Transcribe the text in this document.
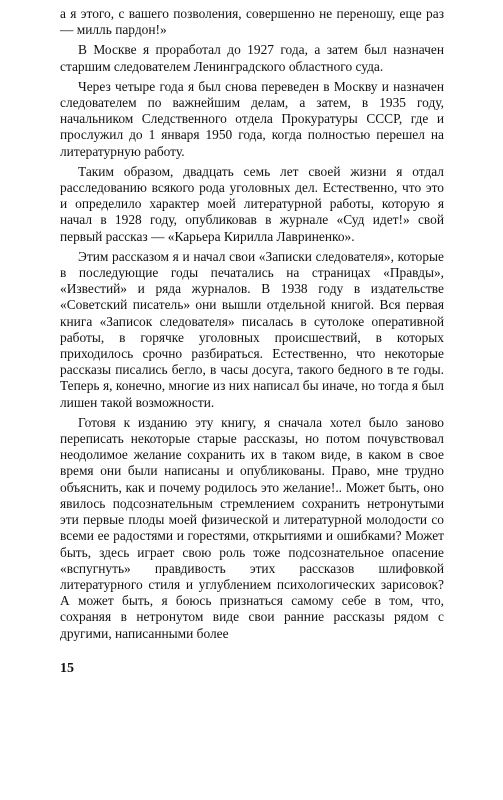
а я этого, с вашего позволения, совершенно не переношу, еще раз — милль пардон!»

В Москве я проработал до 1927 года, а затем был назначен старшим следователем Ленинградского областного суда.

Через четыре года я был снова переведен в Москву и назначен следователем по важнейшим делам, а затем, в 1935 году, начальником Следственного отдела Прокуратуры СССР, где и прослужил до 1 января 1950 года, когда полностью перешел на литературную работу.

Таким образом, двадцать семь лет своей жизни я отдал расследованию всякого рода уголовных дел. Естественно, что это и определило характер моей литературной работы, которую я начал в 1928 году, опубликовав в журнале «Суд идет!» свой первый рассказ — «Карьера Кирилла Лавриненко».

Этим рассказом я и начал свои «Записки следователя», которые в последующие годы печатались на страницах «Правды», «Известий» и ряда журналов. В 1938 году в издательстве «Советский писатель» они вышли отдельной книгой. Вся первая книга «Записок следователя» писалась в сутолоке оперативной работы, в горячке уголовных происшествий, в которых приходилось срочно разбираться. Естественно, что некоторые рассказы писались бегло, в часы досуга, такого бедного в те годы. Теперь я, конечно, многие из них написал бы иначе, но тогда я был лишен такой возможности.

Готовя к изданию эту книгу, я сначала хотел было заново переписать некоторые старые рассказы, но потом почувствовал неодолимое желание сохранить их в таком виде, в каком в свое время они были написаны и опубликованы. Право, мне трудно объяснить, как и почему родилось это желание!.. Может быть, оно явилось подсознательным стремлением сохранить нетронутыми эти первые плоды моей физической и литературной молодости со всеми ее радостями и горестями, открытиями и ошибками? Может быть, здесь играет свою роль тоже подсознательное опасение «вспугнуть» правдивость этих рассказов шлифовкой литературного стиля и углублением психологических зарисовок? А может быть, я боюсь признаться самому себе в том, что, сохраняя в нетронутом виде свои ранние рассказы рядом с другими, написанными более

15
